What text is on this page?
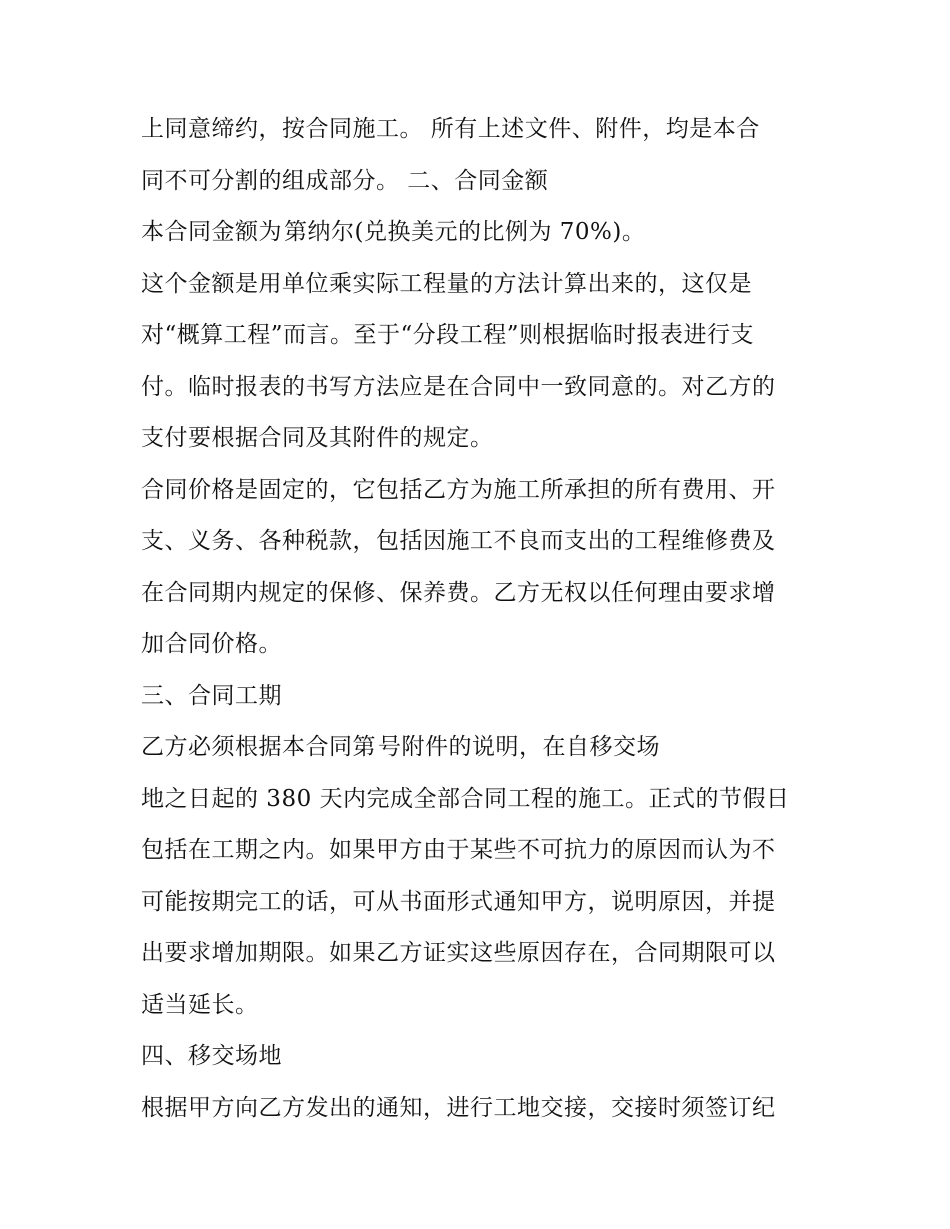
上同意缔约，按合同施工。 所有上述文件、附件，均是本合
同不可分割的组成部分。 二、合同金额
本合同金额为第纳尔(兑换美元的比例为 70%)。
这个金额是用单位乘实际工程量的方法计算出来的，这仅是
对“概算工程”而言。至于“分段工程”则根据临时报表进行支
付。临时报表的书写方法应是在合同中一致同意的。对乙方的
支付要根据合同及其附件的规定。
合同价格是固定的，它包括乙方为施工所承担的所有费用、开
支、义务、各种税款，包括因施工不良而支出的工程维修费及
在合同期内规定的保修、保养费。乙方无权以任何理由要求增
加合同价格。
三、合同工期
乙方必须根据本合同第号附件的说明，在自移交场
地之日起的 380 天内完成全部合同工程的施工。正式的节假日
包括在工期之内。如果甲方由于某些不可抗力的原因而认为不
可能按期完工的话，可从书面形式通知甲方，说明原因，并提
出要求增加期限。如果乙方证实这些原因存在，合同期限可以
适当延长。
四、移交场地
根据甲方向乙方发出的通知，进行工地交接，交接时须签订纪
